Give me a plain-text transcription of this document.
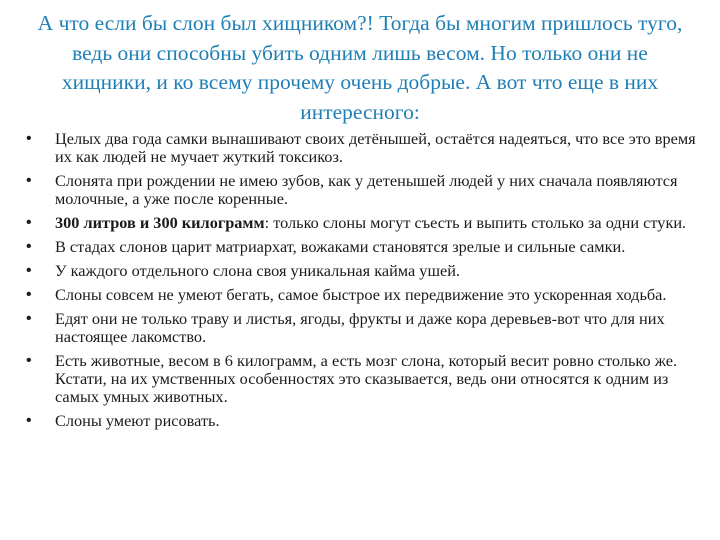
А что если бы слон был хищником?! Тогда бы многим пришлось туго, ведь они способны убить одним лишь весом. Но только они не хищники, и ко всему прочему очень добрые. А вот что еще в них интересного:
• Целых два года самки вынашивают своих детёнышей, остаётся надеяться, что все это время их как людей не мучает жуткий токсикоз.
• Слонята при рождении не имею зубов, как у детенышей людей у них сначала появляются молочные, а уже после коренные.
• 300 литров и 300 килограмм: только слоны могут съесть и выпить столько за одни стуки.
• В стадах слонов царит матриархат, вожаками становятся зрелые и сильные самки.
• У каждого отдельного слона своя уникальная кайма ушей.
• Слоны совсем не умеют бегать, самое быстрое их передвижение это ускоренная ходьба.
• Едят они не только траву и листья, ягоды, фрукты и даже кора деревьев-вот что для них настоящее лакомство.
• Есть животные, весом в 6 килограмм, а есть мозг слона, который весит ровно столько же. Кстати, на их умственных особенностях это сказывается, ведь они относятся к одним из самых умных животных.
• Слоны умеют рисовать.
